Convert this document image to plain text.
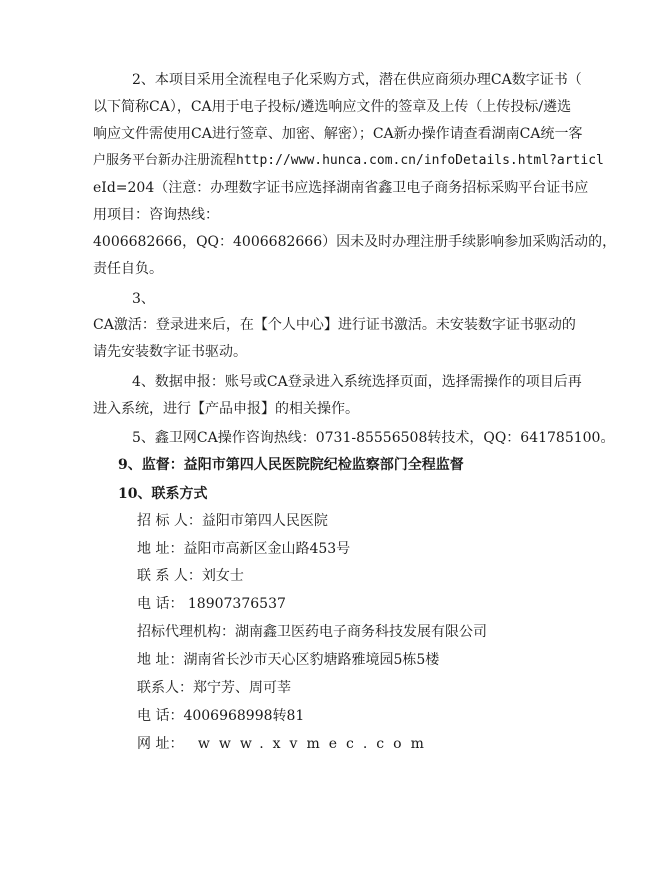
2、本项目采用全流程电子化采购方式，潜在供应商须办理CA数字证书（
以下简称CA），CA用于电子投标/遴选响应文件的签章及上传（上传投标/遴选
响应文件需使用CA进行签章、加密、解密）；CA新办操作请查看湖南CA统一客
户服务平台新办注册流程http://www.hunca.com.cn/infoDetails.html?articl
eId=204（注意：办理数字证书应选择湖南省鑫卫电子商务招标采购平台证书应
用项目：咨询热线：
4006682666，QQ：4006682666）因未及时办理注册手续影响参加采购活动的，
责任自负。
3、
CA激活：登录进来后，在【个人中心】进行证书激活。未安装数字证书驱动的
请先安装数字证书驱动。
4、数据申报：账号或CA登录进入系统选择页面，选择需操作的项目后再
进入系统，进行【产品申报】的相关操作。
5、鑫卫网CA操作咨询热线：0731-85556508转技术，QQ：641785100。
9、监督：益阳市第四人民医院院纪检监察部门全程监督
10、联系方式
招 标 人：益阳市第四人民医院
地 址：益阳市高新区金山路453号
联 系 人：刘女士
电 话： 18907376537
招标代理机构：湖南鑫卫医药电子商务科技发展有限公司
地 址：湖南省长沙市天心区豹塘路雅境园5栋5楼
联系人：郑宁芳、周可莘
电 话：4006968998转81
网 址： www.xvmec.com
